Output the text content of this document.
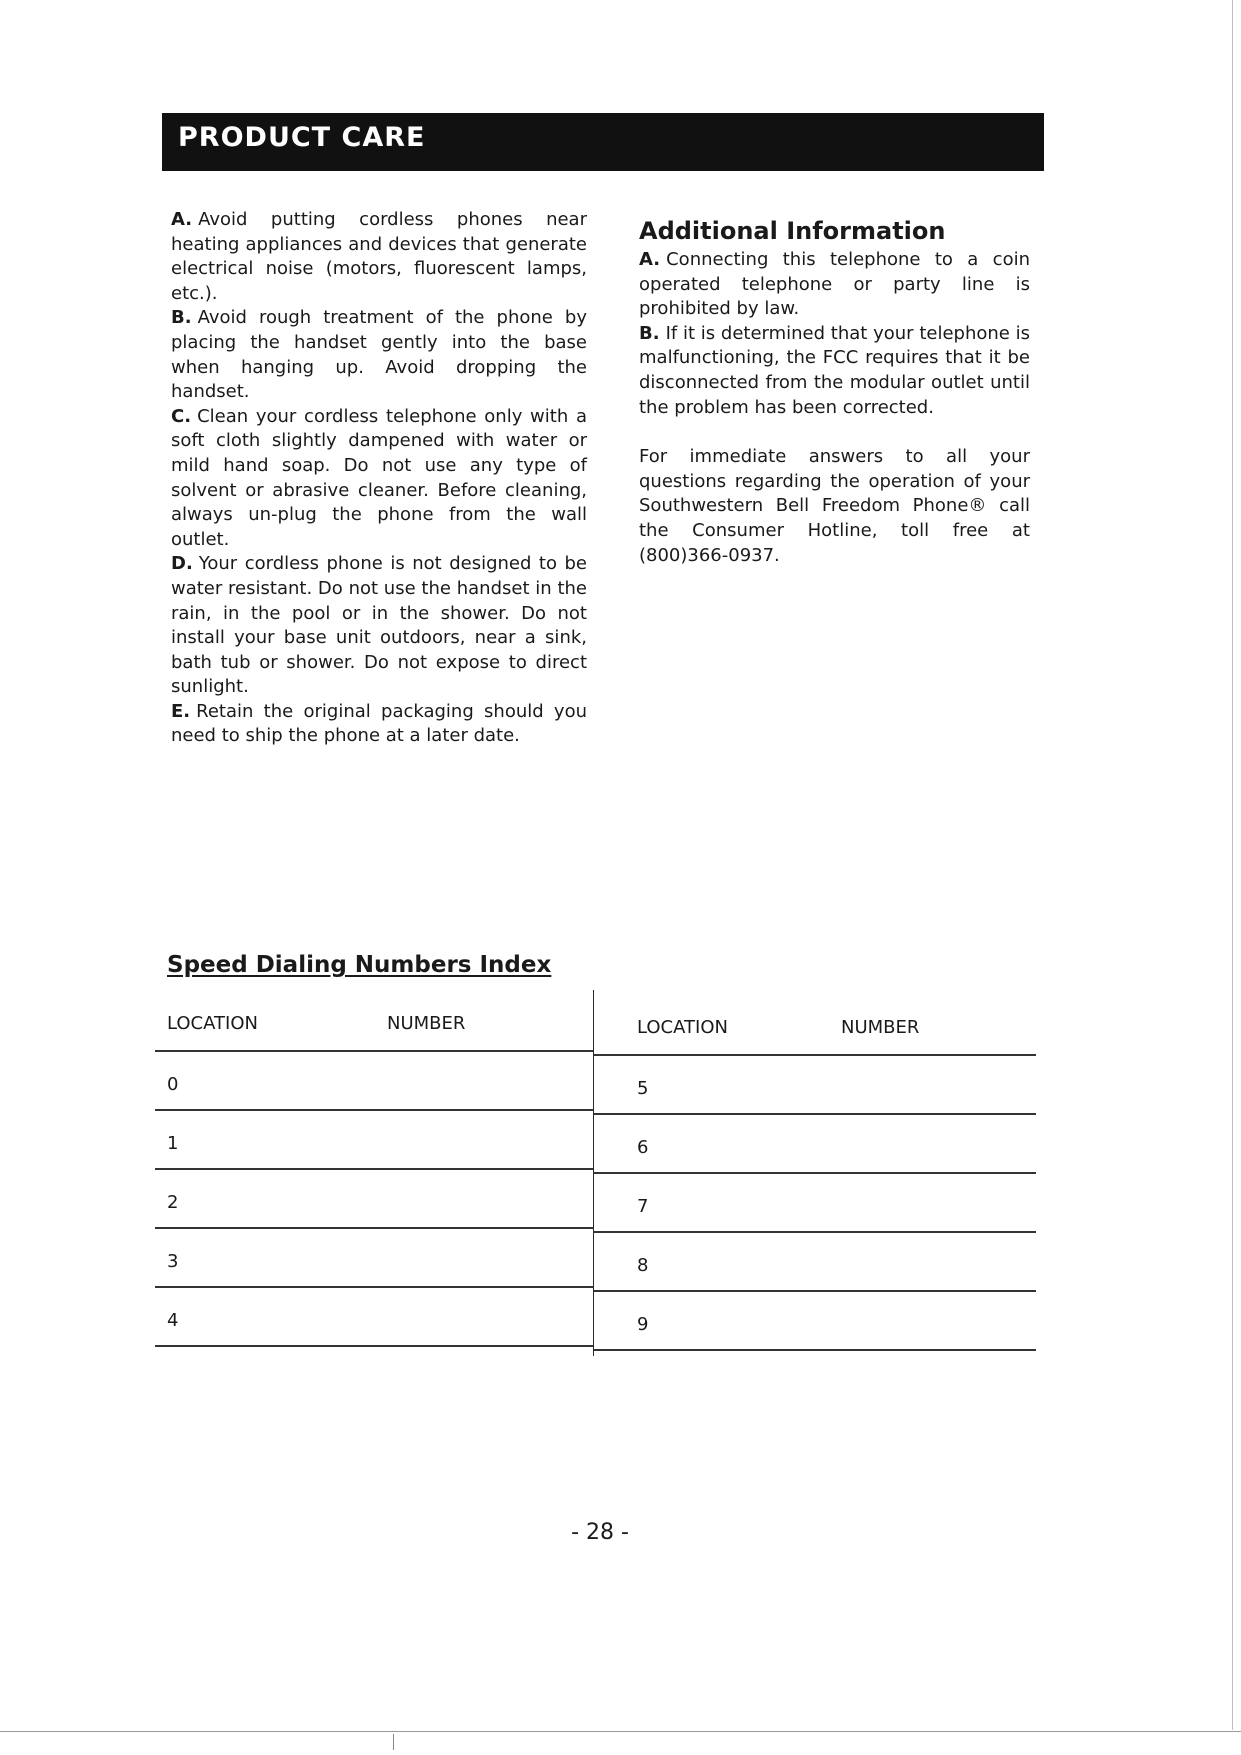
PRODUCT CARE

A. Avoid putting cordless phones near heating appliances and devices that generate electrical noise (motors, fluorescent lamps, etc.).

B. Avoid rough treatment of the phone by placing the handset gently into the base when hanging up. Avoid dropping the handset.

C. Clean your cordless telephone only with a soft cloth slightly dampened with water or mild hand soap. Do not use any type of solvent or abrasive cleaner. Before cleaning, always un-plug the phone from the wall outlet.

D. Your cordless phone is not designed to be water resistant. Do not use the handset in the rain, in the pool or in the shower. Do not install your base unit outdoors, near a sink, bath tub or shower. Do not expose to direct sunlight.

E. Retain the original packaging should you need to ship the phone at a later date.

Additional Information

A. Connecting this telephone to a coin operated telephone or party line is prohibited by law.

B. If it is determined that your telephone is malfunctioning, the FCC requires that it be disconnected from the modular outlet until the problem has been corrected.

For immediate answers to all your questions regarding the operation of your Southwestern Bell Freedom Phone® call the Consumer Hotline, toll free at (800)366-0937.

Speed Dialing Numbers Index
LOCATION	NUMBER
0
1
2
3
4
LOCATION	NUMBER
5
6
7
8
9
- 28 -
